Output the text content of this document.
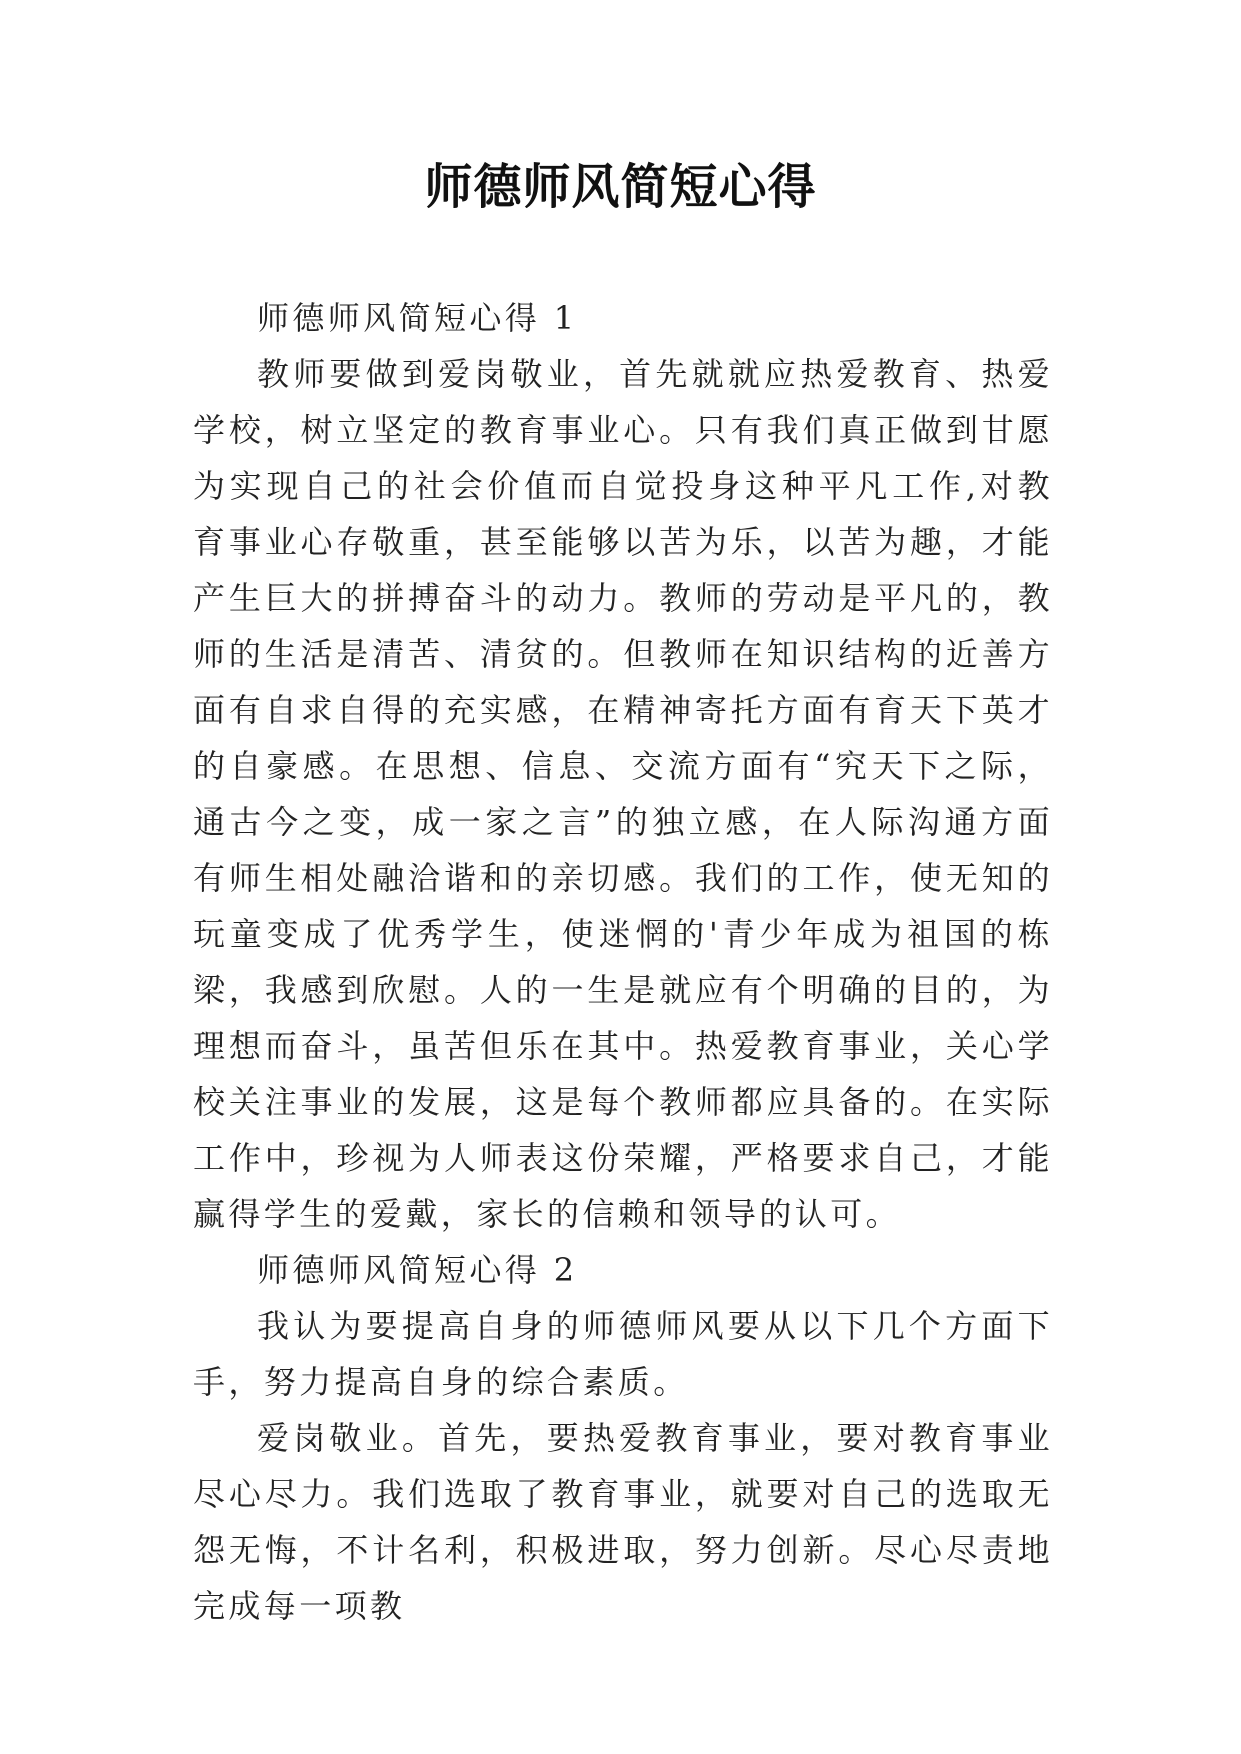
师德师风简短心得

师德师风简短心得 1

教师要做到爱岗敬业，首先就就应热爱教育、热爱学校，树立坚定的教育事业心。只有我们真正做到甘愿为实现自己的社会价值而自觉投身这种平凡工作,对教育事业心存敬重，甚至能够以苦为乐，以苦为趣，才能产生巨大的拼搏奋斗的动力。教师的劳动是平凡的，教师的生活是清苦、清贫的。但教师在知识结构的近善方面有自求自得的充实感，在精神寄托方面有育天下英才的自豪感。在思想、信息、交流方面有“究天下之际，通古今之变，成一家之言”的独立感，在人际沟通方面有师生相处融洽谐和的亲切感。我们的工作，使无知的玩童变成了优秀学生，使迷惘的'青少年成为祖国的栋梁，我感到欣慰。人的一生是就应有个明确的目的，为理想而奋斗，虽苦但乐在其中。热爱教育事业，关心学校关注事业的发展，这是每个教师都应具备的。在实际工作中，珍视为人师表这份荣耀，严格要求自己，才能赢得学生的爱戴，家长的信赖和领导的认可。

师德师风简短心得 2

我认为要提高自身的师德师风要从以下几个方面下手，努力提高自身的综合素质。

爱岗敬业。首先，要热爱教育事业，要对教育事业尽心尽力。我们选取了教育事业，就要对自己的选取无怨无悔，不计名利，积极进取，努力创新。尽心尽责地完成每一项教
